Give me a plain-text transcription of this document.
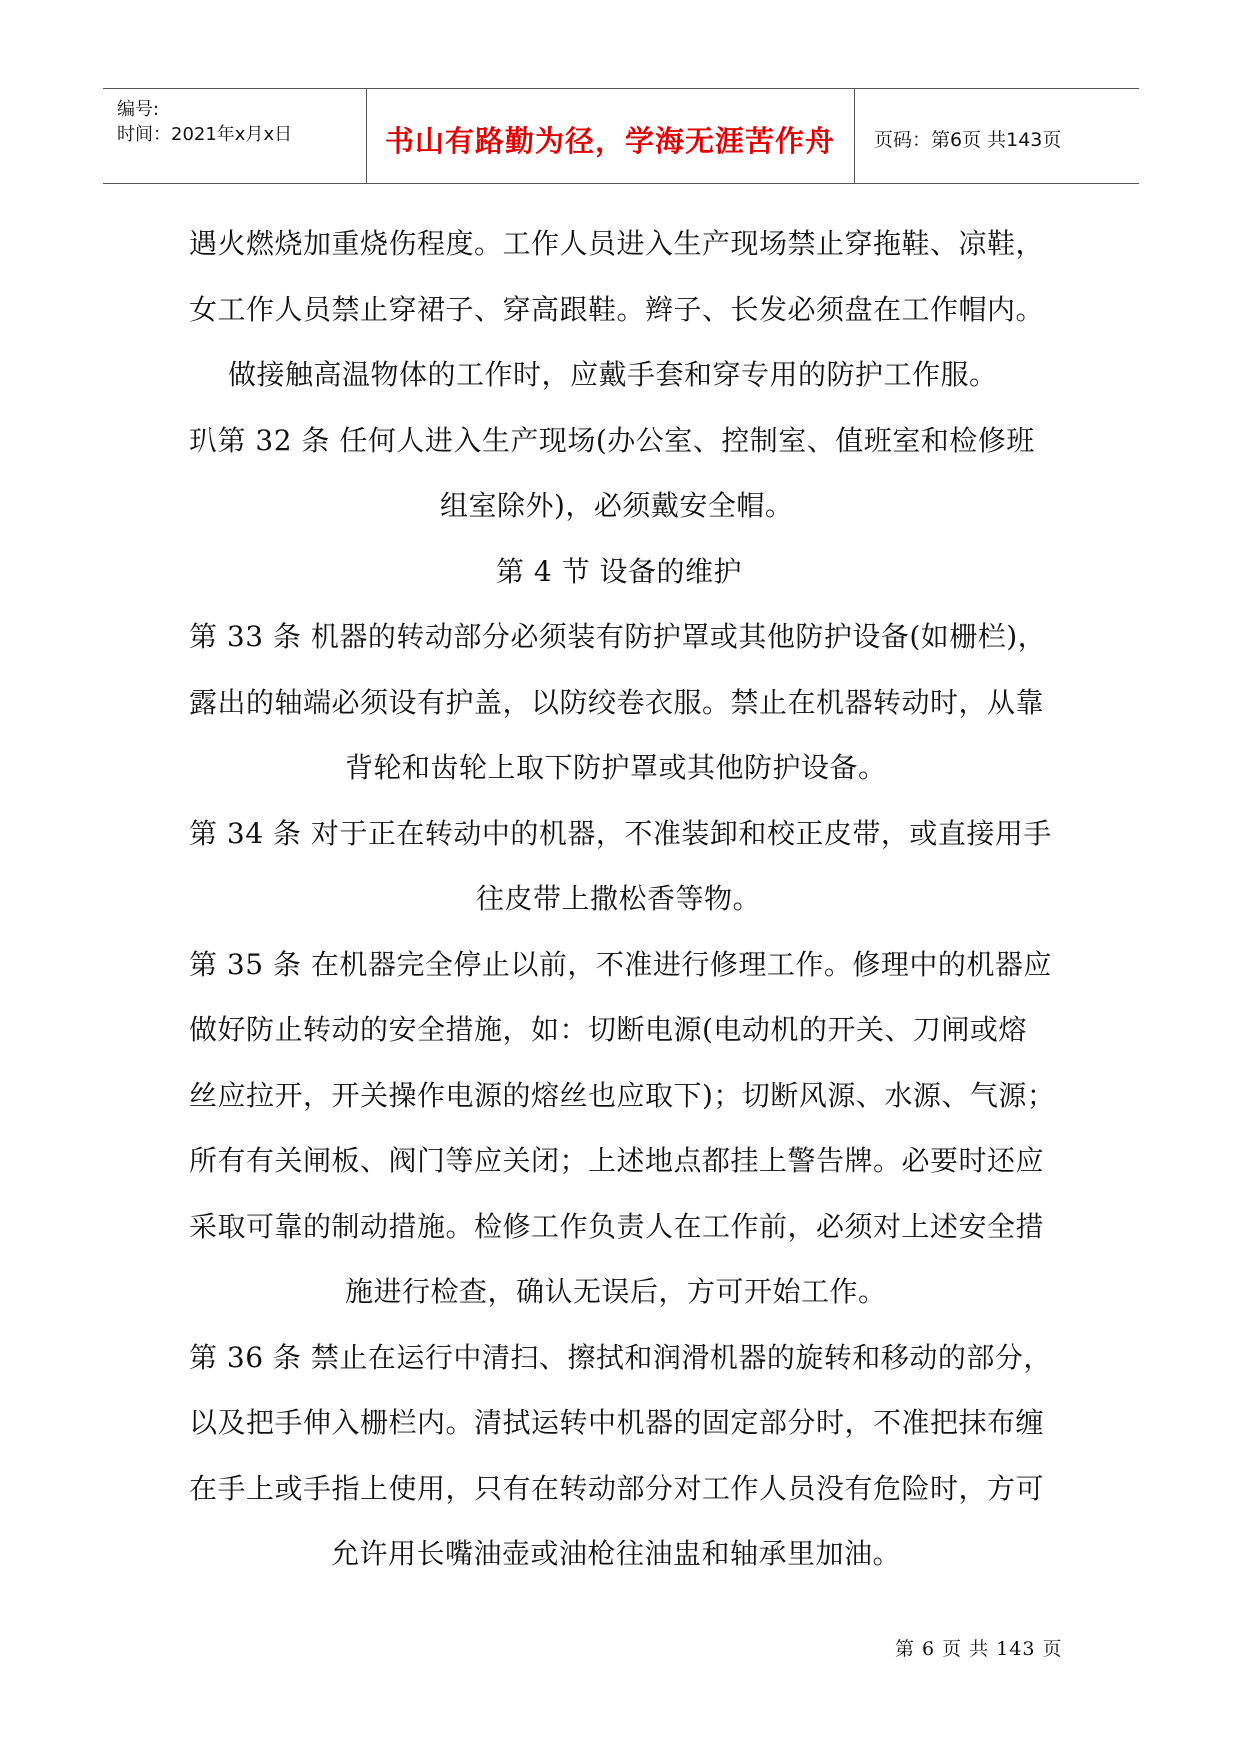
编号:
时间：2021年x月x日	书山有路勤为径，学海无涯苦作舟	页码：第6页 共143页
遇火燃烧加重烧伤程度。工作人员进入生产现场禁止穿拖鞋、凉鞋，
女工作人员禁止穿裙子、穿高跟鞋。辫子、长发必须盘在工作帽内。
做接触高温物体的工作时，应戴手套和穿专用的防护工作服。
玐第 32 条 任何人进入生产现场(办公室、控制室、值班室和检修班
组室除外)，必须戴安全帽。
第 4 节 设备的维护
第 33 条 机器的转动部分必须装有防护罩或其他防护设备(如栅栏)，
露出的轴端必须设有护盖，以防绞卷衣服。禁止在机器转动时，从靠
背轮和齿轮上取下防护罩或其他防护设备。
第 34 条 对于正在转动中的机器，不准装卸和校正皮带，或直接用手
往皮带上撒松香等物。
第 35 条 在机器完全停止以前，不准进行修理工作。修理中的机器应
做好防止转动的安全措施，如：切断电源(电动机的开关、刀闸或熔
丝应拉开，开关操作电源的熔丝也应取下)；切断风源、水源、气源；
所有有关闸板、阀门等应关闭；上述地点都挂上警告牌。必要时还应
采取可靠的制动措施。检修工作负责人在工作前，必须对上述安全措
施进行检查，确认无误后，方可开始工作。
第 36 条 禁止在运行中清扫、擦拭和润滑机器的旋转和移动的部分，
以及把手伸入栅栏内。清拭运转中机器的固定部分时，不准把抹布缠
在手上或手指上使用，只有在转动部分对工作人员没有危险时，方可
允许用长嘴油壶或油枪往油盅和轴承里加油。
第 6 页 共 143 页
